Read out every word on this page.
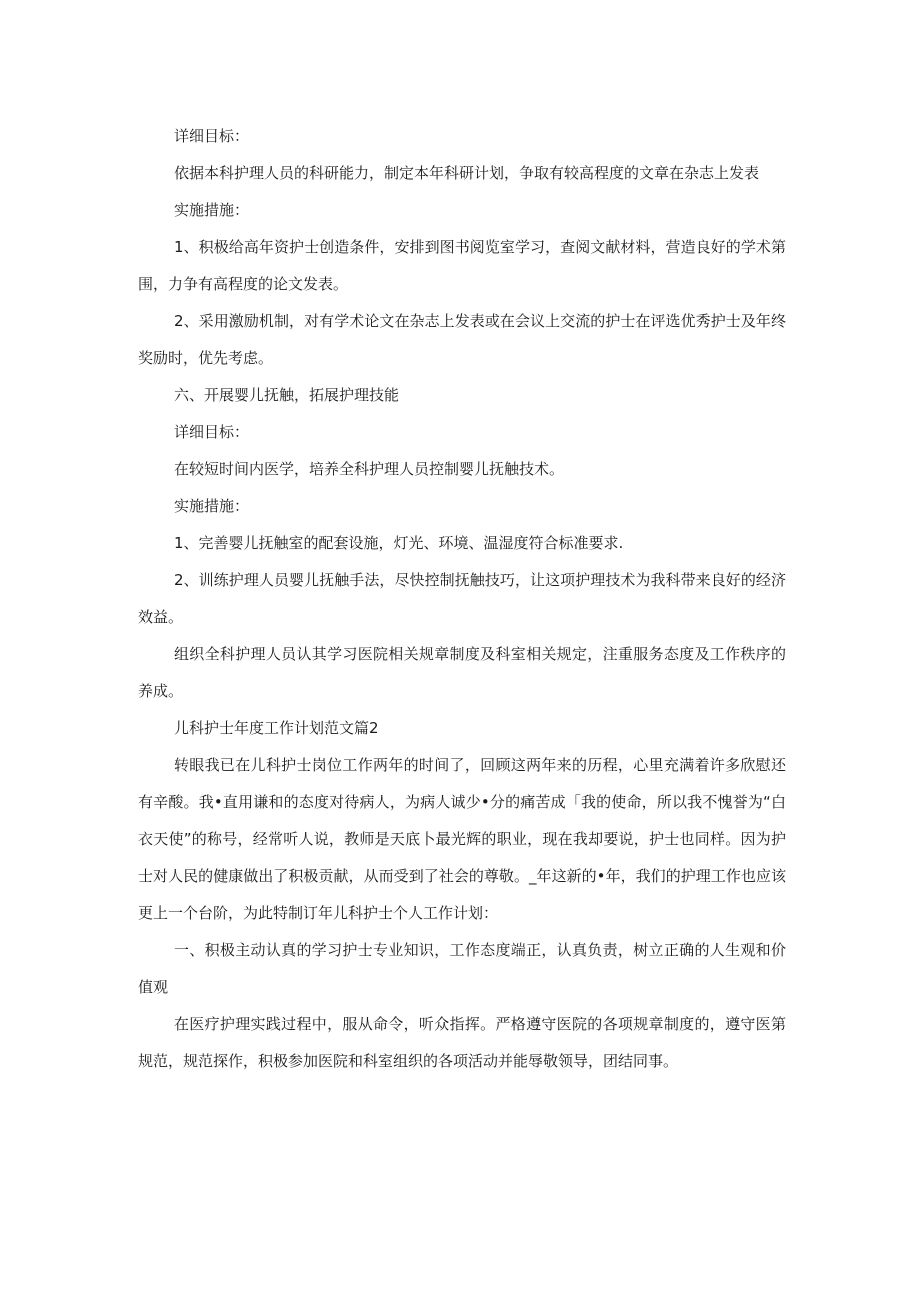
详细目标：

依据本科护理人员的科研能力，制定本年科研计划，争取有较高程度的文章在杂志上发表

实施措施：

1、积极给高年资护士创造条件，安排到图书阅览室学习，查阅文献材料，营造良好的学术第围，力争有高程度的论文发表。

2、采用激励机制，对有学术论文在杂志上发表或在会议上交流的护士在评选优秀护士及年终奖励时，优先考虑。

六、开展婴儿抚触，拓展护理技能

详细目标：

在较短时间内医学，培养全科护理人员控制婴儿抚触技术。

实施措施：

1、完善婴儿抚触室的配套设施，灯光、环境、温湿度符合标准要求.

2、训练护理人员婴儿抚触手法，尽快控制抚触技巧，让这项护理技术为我科带来良好的经济效益。

组织全科护理人员认其学习医院相关规章制度及科室相关规定，注重服务态度及工作秩序的养成。

儿科护士年度工作计划范文篇2

转眼我已在儿科护士岗位工作两年的时间了，回顾这两年来的历程，心里充满着许多欣慰还有辛酸。我•直用谦和的态度对待病人，为病人诚少•分的痛苦成「我的使命，所以我不愧誉为“白衣天使”的称号，经常听人说，教师是天底卜最光辉的职业，现在我却要说，护士也同样。因为护士对人民的健康做出了积极贡献，从而受到了社会的尊敬。_年这新的•年，我们的护理工作也应该更上一个台阶，为此特制订年儿科护士个人工作计划：

一、积极主动认真的学习护士专业知识，工作态度端正，认真负责，树立正确的人生观和价值观

在医疗护理实践过程中，服从命令，听众指挥。严格遵守医院的各项规章制度的，遵守医第规范，规范探作，积极参加医院和科室组织的各项活动并能辱敬领导，团结同事。
